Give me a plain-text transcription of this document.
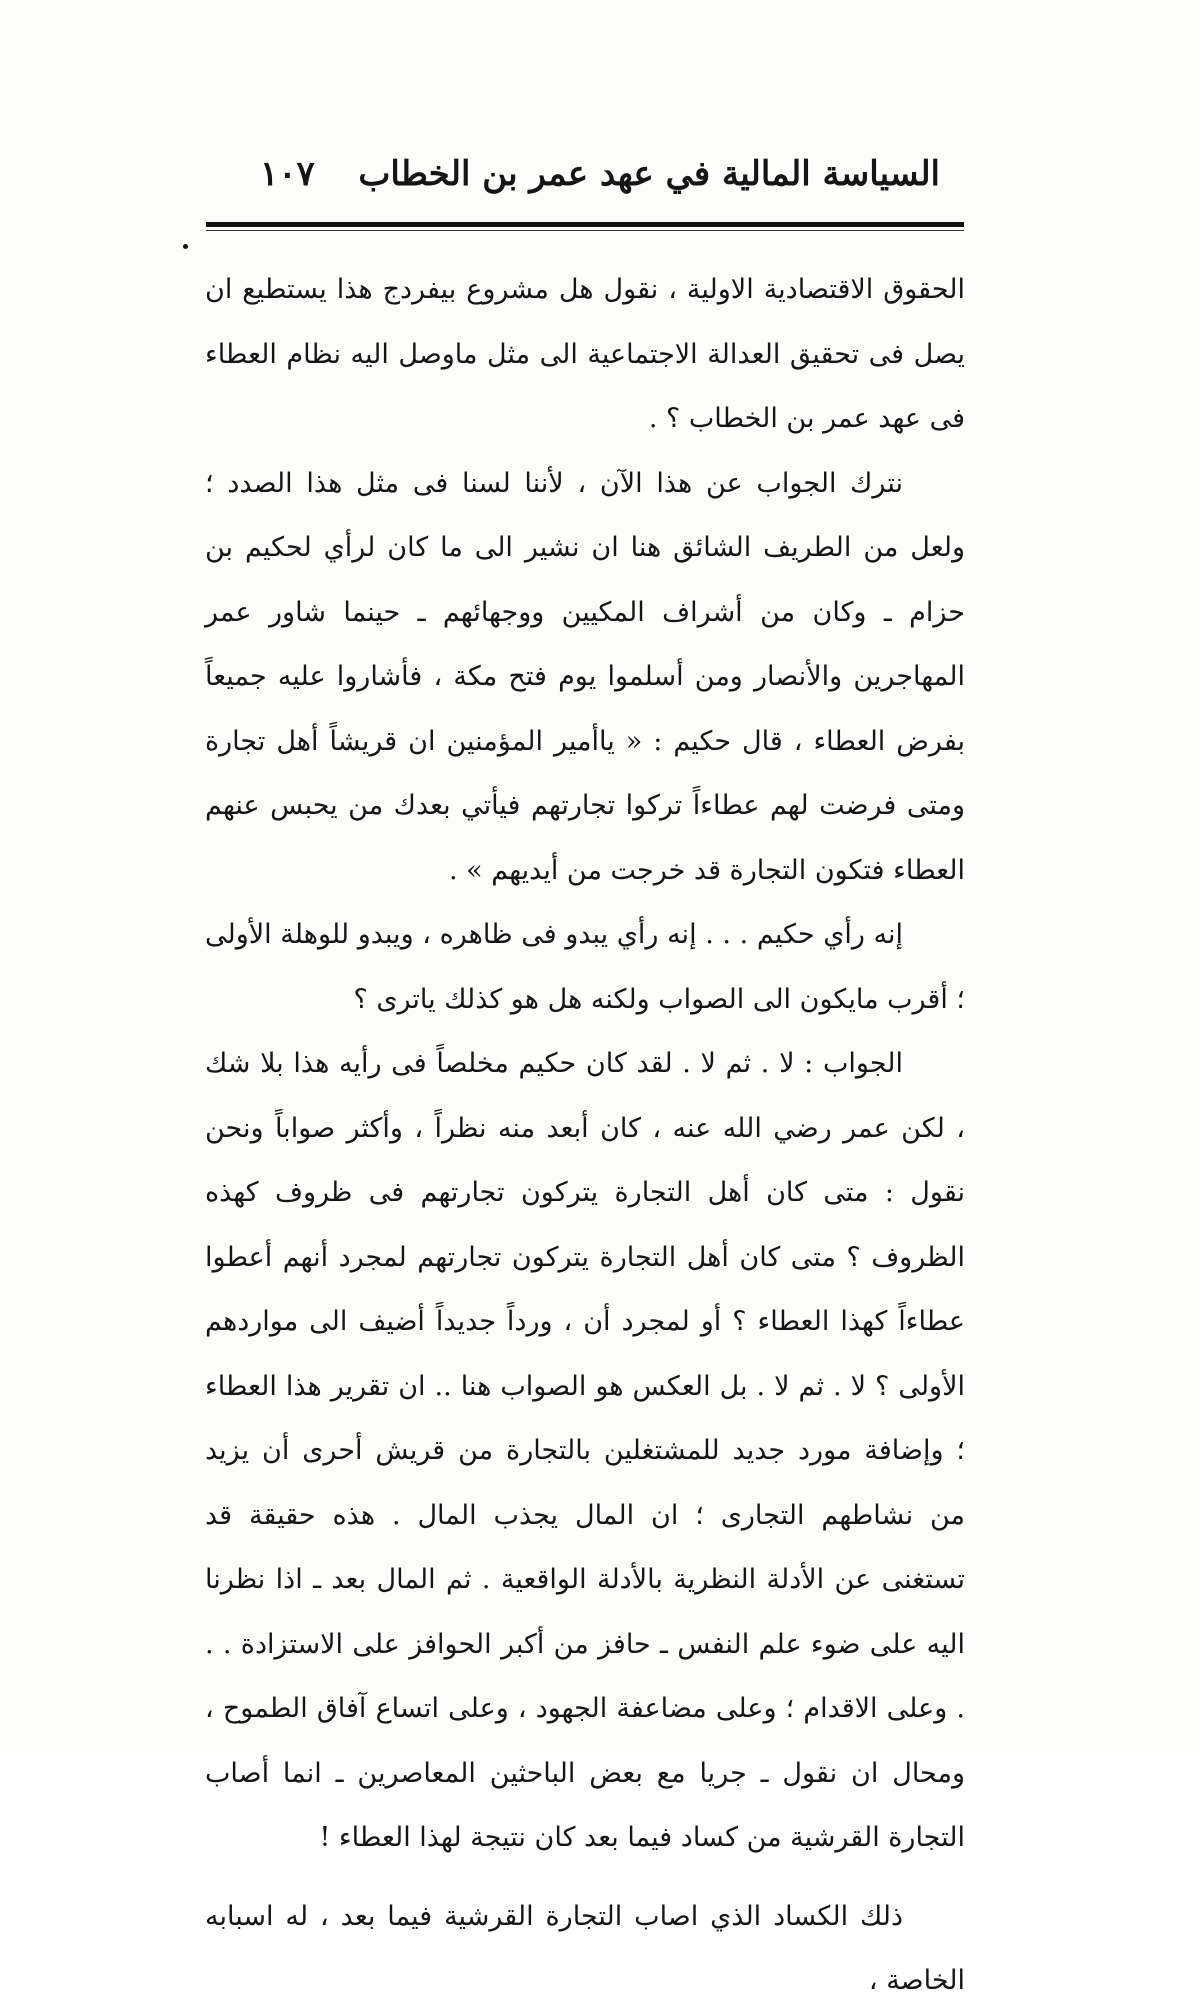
السياسة المالية في عهد عمر بن الخطاب
١٠٧

الحقوق الاقتصادية الاولية ، نقول هل مشروع بيفردج هذا يستطيع ان يصل فى تحقيق العدالة الاجتماعية الى مثل ماوصل اليه نظام العطاء فى عهد عمر بن الخطاب ؟ .

نترك الجواب عن هذا الآن ، لأننا لسنا فى مثل هذا الصدد ؛ ولعل من الطريف الشائق هنا ان نشير الى ما كان لرأي لحكيم بن حزام ـ وكان من أشراف المكيين ووجهائهم ـ حينما شاور عمر المهاجرين والأنصار ومن أسلموا يوم فتح مكة ، فأشاروا عليه جميعاً بفرض العطاء ، قال حكيم : « ياأمير المؤمنين ان قريشاً أهل تجارة ومتى فرضت لهم عطاءاً تركوا تجارتهم فيأتي بعدك من يحبس عنهم العطاء فتكون التجارة قد خرجت من أيديهم » .

إنه رأي حكيم . . . إنه رأي يبدو فى ظاهره ، ويبدو للوهلة الأولى ؛ أقرب مايكون الى الصواب ولكنه هل هو كذلك ياترى ؟

الجواب : لا . ثم لا . لقد كان حكيم مخلصاً فى رأيه هذا بلا شك ، لكن عمر رضي الله عنه ، كان أبعد منه نظراً ، وأكثر صواباً ونحن نقول : متى كان أهل التجارة يتركون تجارتهم فى ظروف كهذه الظروف ؟ متى كان أهل التجارة يتركون تجارتهم لمجرد أنهم أعطوا عطاءاً كهذا العطاء ؟ أو لمجرد أن ، ورداً جديداً أضيف الى مواردهم الأولى ؟ لا . ثم لا . بل العكس هو الصواب هنا .. ان تقرير هذا العطاء ؛ وإضافة مورد جديد للمشتغلين بالتجارة من قريش أحرى أن يزيد من نشاطهم التجارى ؛ ان المال يجذب المال . هذه حقيقة قد تستغنى عن الأدلة النظرية بالأدلة الواقعية . ثم المال بعد ـ اذا نظرنا اليه على ضوء علم النفس ـ حافز من أكبر الحوافز على الاستزادة . . . وعلى الاقدام ؛ وعلى مضاعفة الجهود ، وعلى اتساع آفاق الطموح ، ومحال ان نقول ـ جريا مع بعض الباحثين المعاصرين ـ انما أصاب التجارة القرشية من كساد فيما بعد كان نتيجة لهذا العطاء !

ذلك الكساد الذي اصاب التجارة القرشية فيما بعد ، له اسبابه الخاصة ،
